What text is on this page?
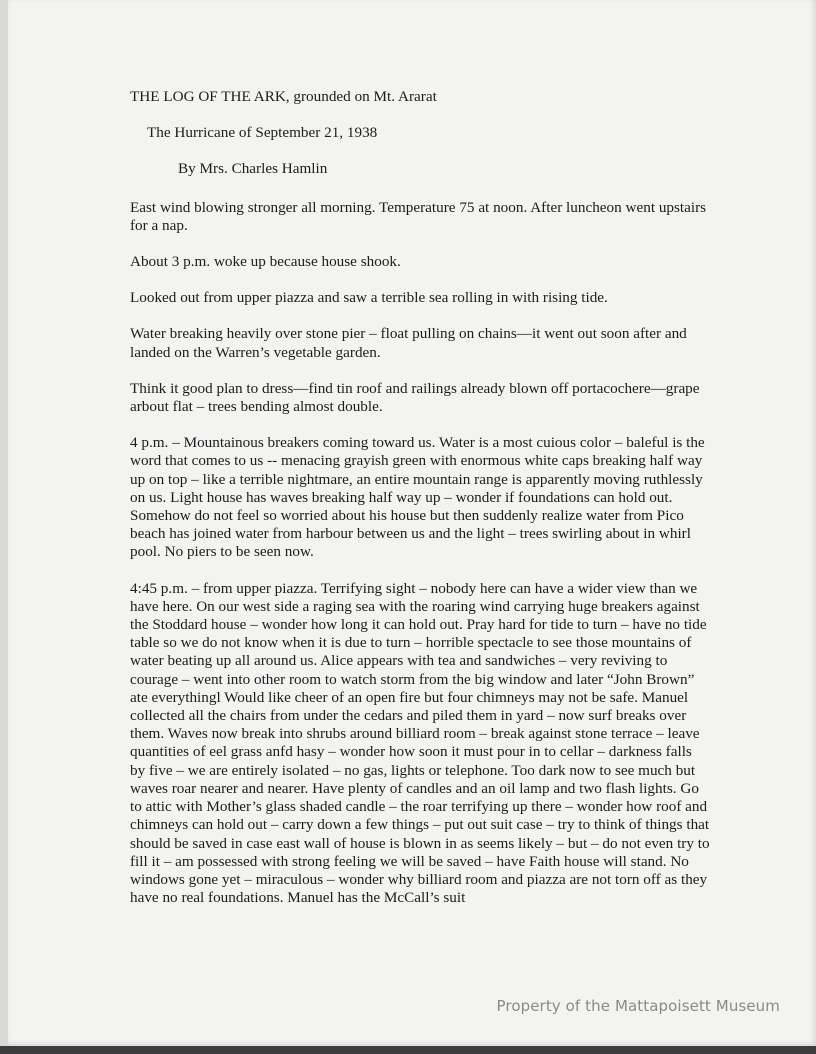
THE LOG OF THE ARK, grounded on Mt. Ararat
The Hurricane of September 21, 1938

By Mrs. Charles Hamlin

East wind blowing stronger all morning. Temperature 75 at noon. After luncheon went upstairs for a nap.

About 3 p.m. woke up because house shook.

Looked out from upper piazza and saw a terrible sea rolling in with rising tide.

Water breaking heavily over stone pier – float pulling on chains—it went out soon after and landed on the Warren’s vegetable garden.

Think it good plan to dress—find tin roof and railings already blown off portacochere—grape arbout flat – trees bending almost double.

4 p.m. – Mountainous breakers coming toward us. Water is a most cuious color – baleful is the word that comes to us -- menacing grayish green with enormous white caps breaking half way up on top – like a terrible nightmare, an entire mountain range is apparently moving ruthlessly on us. Light house has waves breaking half way up – wonder if foundations can hold out. Somehow do not feel so worried about his house but then suddenly realize water from Pico beach has joined water from harbour between us and the light – trees swirling about in whirl pool. No piers to be seen now.

4:45 p.m. – from upper piazza. Terrifying sight – nobody here can have a wider view than we have here. On our west side a raging sea with the roaring wind carrying huge breakers against the Stoddard house – wonder how long it can hold out. Pray hard for tide to turn – have no tide table so we do not know when it is due to turn – horrible spectacle to see those mountains of water beating up all around us. Alice appears with tea and sandwiches – very reviving to courage – went into other room to watch storm from the big window and later “John Brown” ate everythingl Would like cheer of an open fire but four chimneys may not be safe. Manuel collected all the chairs from under the cedars and piled them in yard – now surf breaks over them. Waves now break into shrubs around billiard room – break against stone terrace – leave quantities of eel grass anfd hasy – wonder how soon it must pour in to cellar – darkness falls by five – we are entirely isolated – no gas, lights or telephone. Too dark now to see much but waves roar nearer and nearer. Have plenty of candles and an oil lamp and two flash lights. Go to attic with Mother’s glass shaded candle – the roar terrifying up there – wonder how roof and chimneys can hold out – carry down a few things – put out suit case – try to think of things that should be saved in case east wall of house is blown in as seems likely – but – do not even try to fill it – am possessed with strong feeling we will be saved – have Faith house will stand. No windows gone yet – miraculous – wonder why billiard room and piazza are not torn off as they have no real foundations. Manuel has the McCall’s suit

Property of the Mattapoisett Museum
